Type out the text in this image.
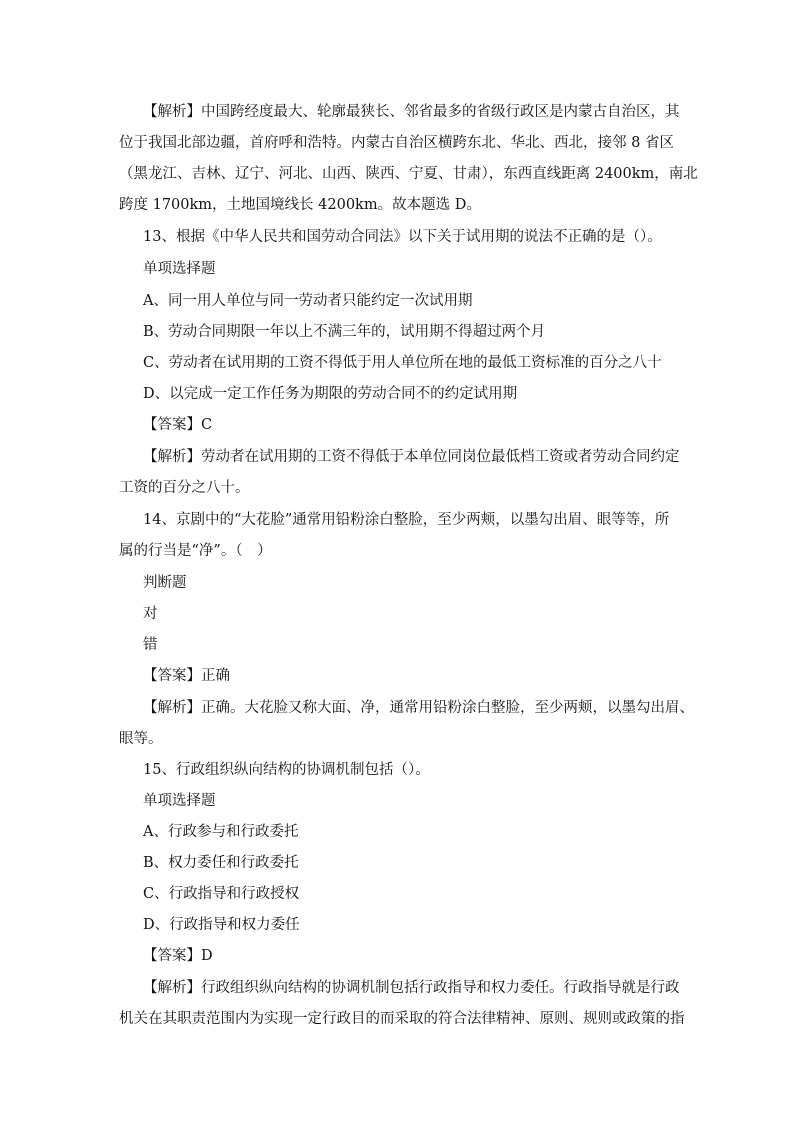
【解析】中国跨经度最大、轮廓最狭长、邻省最多的省级行政区是内蒙古自治区，其
位于我国北部边疆，首府呼和浩特。内蒙古自治区横跨东北、华北、西北，接邻 8 省区
（黑龙江、吉林、辽宁、河北、山西、陕西、宁夏、甘肃），东西直线距离 2400km，南北
跨度 1700km，土地国境线长 4200km。故本题选 D。
13、根据《中华人民共和国劳动合同法》以下关于试用期的说法不正确的是（）。
单项选择题
A、同一用人单位与同一劳动者只能约定一次试用期
B、劳动合同期限一年以上不满三年的，试用期不得超过两个月
C、劳动者在试用期的工资不得低于用人单位所在地的最低工资标准的百分之八十
D、以完成一定工作任务为期限的劳动合同不的约定试用期
【答案】C
【解析】劳动者在试用期的工资不得低于本单位同岗位最低档工资或者劳动合同约定
工资的百分之八十。
14、京剧中的“大花脸”通常用铅粉涂白整脸，至少两颊，以墨勾出眉、眼等等，所
属的行当是“净”。（　）
判断题
对
错
【答案】正确
【解析】正确。大花脸又称大面、净，通常用铅粉涂白整脸，至少两颊，以墨勾出眉、
眼等。
15、行政组织纵向结构的协调机制包括（）。
单项选择题
A、行政参与和行政委托
B、权力委任和行政委托
C、行政指导和行政授权
D、行政指导和权力委任
【答案】D
【解析】行政组织纵向结构的协调机制包括行政指导和权力委任。行政指导就是行政
机关在其职责范围内为实现一定行政目的而采取的符合法律精神、原则、规则或政策的指
